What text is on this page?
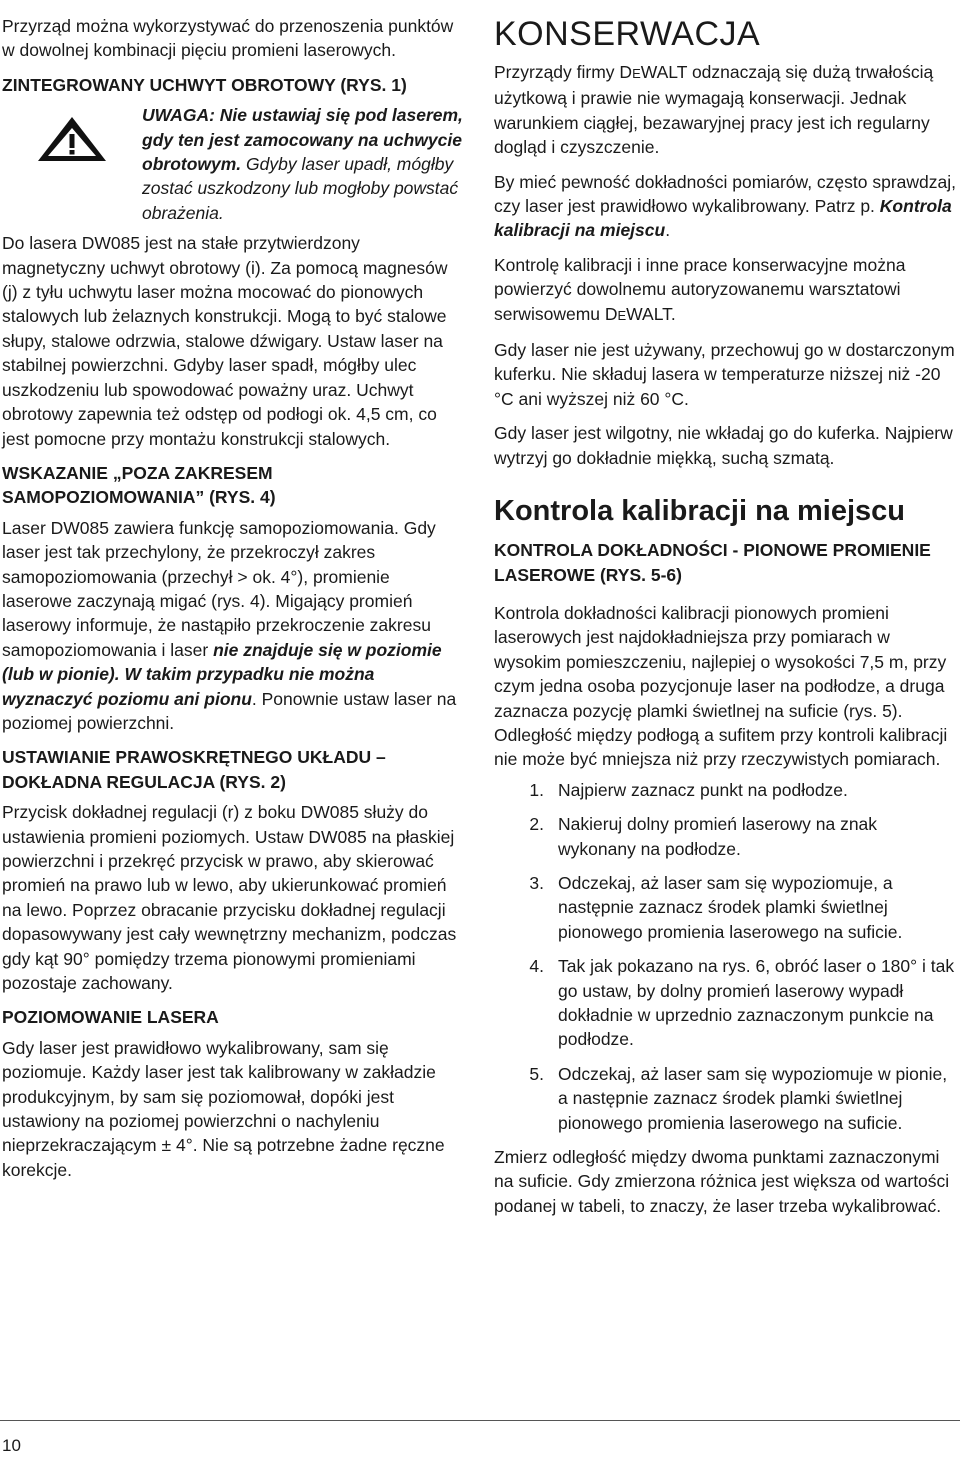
Przyrząd można wykorzystywać do przenoszenia punktów w dowolnej kombinacji pięciu promieni laserowych.

ZINTEGROWANY UCHWYT OBROTOWY (RYS. 1)
UWAGA: Nie ustawiaj się pod laserem, gdy ten jest zamocowany na uchwycie obrotowym. Gdyby laser upadł, mógłby zostać uszkodzony lub mogłoby powstać obrażenia.

Do lasera DW085 jest na stałe przytwierdzony magnetyczny uchwyt obrotowy (i). Za pomocą magnesów (j) z tyłu uchwytu laser można mocować do pionowych stalowych lub żelaznych konstrukcji. Mogą to być stalowe słupy, stalowe odrzwia, stalowe dźwigary. Ustaw laser na stabilnej powierzchni. Gdyby laser spadł, mógłby ulec uszkodzeniu lub spowodować poważny uraz. Uchwyt obrotowy zapewnia też odstęp od podłogi ok. 4,5 cm, co jest pomocne przy montażu konstrukcji stalowych.

WSKAZANIE „POZA ZAKRESEM SAMOPOZIOMOWANIA” (RYS. 4)

Laser DW085 zawiera funkcję samopoziomowania. Gdy laser jest tak przechylony, że przekroczył zakres samopoziomowania (przechył > ok. 4°), promienie laserowe zaczynają migać (rys. 4). Migający promień laserowy informuje, że nastąpiło przekroczenie zakresu samopoziomowania i laser nie znajduje się w poziomie (lub w pionie). W takim przypadku nie można wyznaczyć poziomu ani pionu. Ponownie ustaw laser na poziomej powierzchni.

USTAWIANIE PRAWOSKRĘTNEGO UKŁADU – DOKŁADNA REGULACJA (RYS. 2)

Przycisk dokładnej regulacji (r) z boku DW085 służy do ustawienia promieni poziomych. Ustaw DW085 na płaskiej powierzchni i przekręć przycisk w prawo, aby skierować promień na prawo lub w lewo, aby ukierunkować promień na lewo. Poprzez obracanie przycisku dokładnej regulacji dopasowywany jest cały wewnętrzny mechanizm, podczas gdy kąt 90° pomiędzy trzema pionowymi promieniami pozostaje zachowany.

POZIOMOWANIE LASERA

Gdy laser jest prawidłowo wykalibrowany, sam się poziomuje. Każdy laser jest tak kalibrowany w zakładzie produkcyjnym, by sam się poziomował, dopóki jest ustawiony na poziomej powierzchni o nachyleniu nieprzekraczającym ± 4°. Nie są potrzebne żadne ręczne korekcje.

KONSERWACJA

Przyrządy firmy DEWALT odznaczają się dużą trwałością użytkową i prawie nie wymagają konserwacji. Jednak warunkiem ciągłej, bezawaryjnej pracy jest ich regularny dogląd i czyszczenie.

By mieć pewność dokładności pomiarów, często sprawdzaj, czy laser jest prawidłowo wykalibrowany. Patrz p. Kontrola kalibracji na miejscu.

Kontrolę kalibracji i inne prace konserwacyjne można powierzyć dowolnemu autoryzowanemu warsztatowi serwisowemu DEWALT.

Gdy laser nie jest używany, przechowuj go w dostarczonym kuferku. Nie składuj lasera w temperaturze niższej niż -20 °C ani wyższej niż 60 °C.

Gdy laser jest wilgotny, nie wkładaj go do kuferka. Najpierw wytrzyj go dokładnie miękką, suchą szmatą.

Kontrola kalibracji na miejscu
KONTROLA DOKŁADNOŚCI - PIONOWE PROMIENIE LASEROWE (RYS. 5-6)

Kontrola dokładności kalibracji pionowych promieni laserowych jest najdokładniejsza przy pomiarach w wysokim pomieszczeniu, najlepiej o wysokości 7,5 m, przy czym jedna osoba pozycjonuje laser na podłodze, a druga zaznacza pozycję plamki świetlnej na suficie (rys. 5). Odległość między podłogą a sufitem przy kontroli kalibracji nie może być mniejsza niż przy rzeczywistych pomiarach.

1. Najpierw zaznacz punkt na podłodze.
2. Nakieruj dolny promień laserowy na znak wykonany na podłodze.
3. Odczekaj, aż laser sam się wypoziomuje, a następnie zaznacz środek plamki świetlnej pionowego promienia laserowego na suficie.
4. Tak jak pokazano na rys. 6, obróć laser o 180° i tak go ustaw, by dolny promień laserowy wypadł dokładnie w uprzednio zaznaczonym punkcie na podłodze.
5. Odczekaj, aż laser sam się wypoziomuje w pionie, a następnie zaznacz środek plamki świetlnej pionowego promienia laserowego na suficie.

Zmierz odległość między dwoma punktami zaznaczonymi na suficie. Gdy zmierzona różnica jest większa od wartości podanej w tabeli, to znaczy, że laser trzeba wykalibrować.

10
